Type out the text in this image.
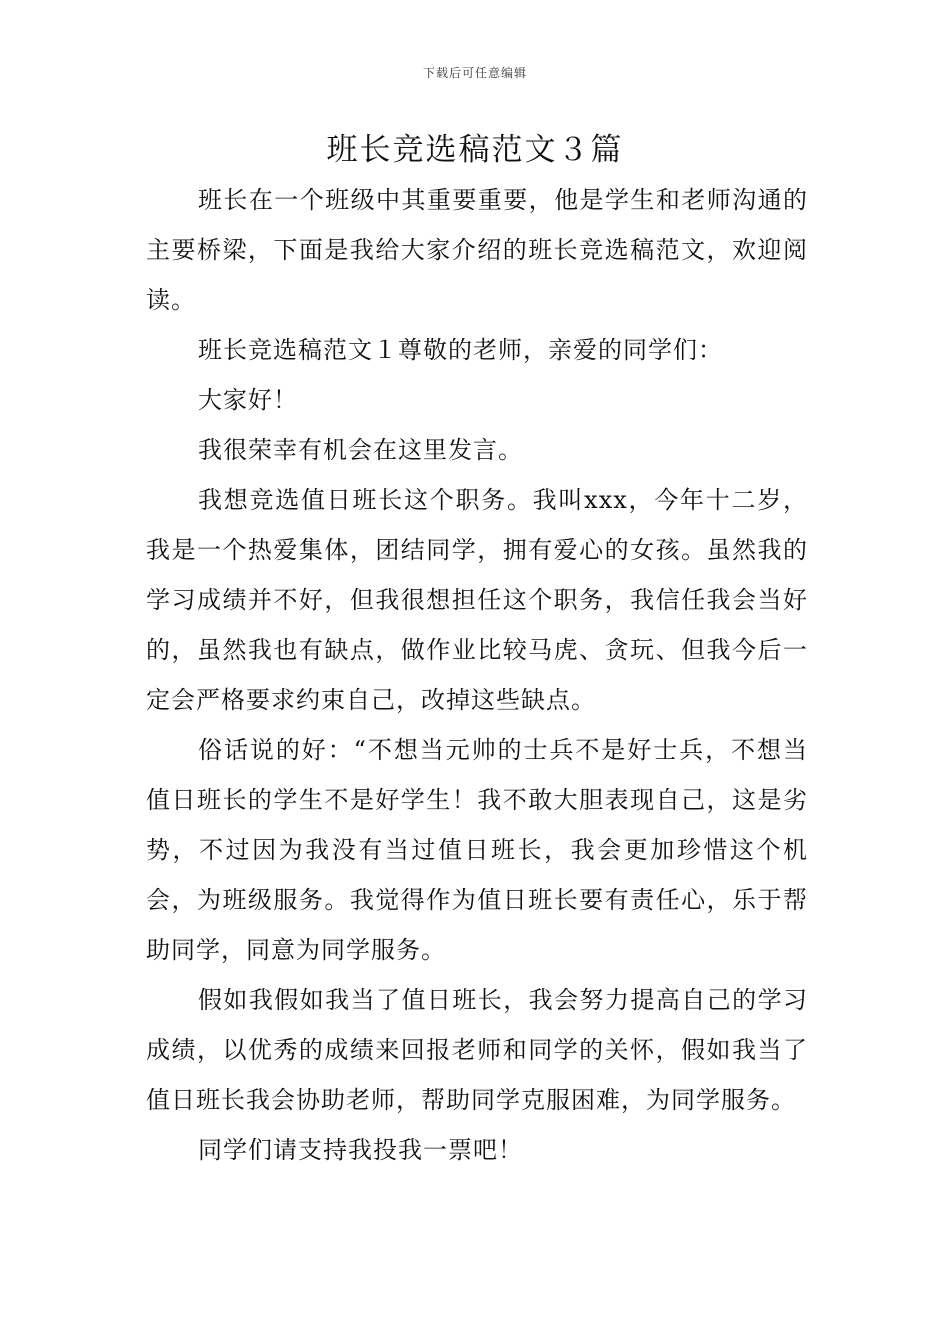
下载后可任意编辑
班长竞选稿范文３篇

班长在一个班级中其重要重要，他是学生和老师沟通的主要桥梁，下面是我给大家介绍的班长竞选稿范文，欢迎阅读。

班长竞选稿范文１尊敬的老师，亲爱的同学们：

大家好！

我很荣幸有机会在这里发言。

我想竞选值日班长这个职务。我叫xxx，今年十二岁，我是一个热爱集体，团结同学，拥有爱心的女孩。虽然我的学习成绩并不好，但我很想担任这个职务，我信任我会当好的，虽然我也有缺点，做作业比较马虎、贪玩、但我今后一定会严格要求约束自己，改掉这些缺点。

俗话说的好：“不想当元帅的士兵不是好士兵，不想当值日班长的学生不是好学生！我不敢大胆表现自己，这是劣势，不过因为我没有当过值日班长，我会更加珍惜这个机会，为班级服务。我觉得作为值日班长要有责任心，乐于帮助同学，同意为同学服务。

假如我假如我当了值日班长，我会努力提高自己的学习成绩，以优秀的成绩来回报老师和同学的关怀，假如我当了值日班长我会协助老师，帮助同学克服困难，为同学服务。

同学们请支持我投我一票吧！
